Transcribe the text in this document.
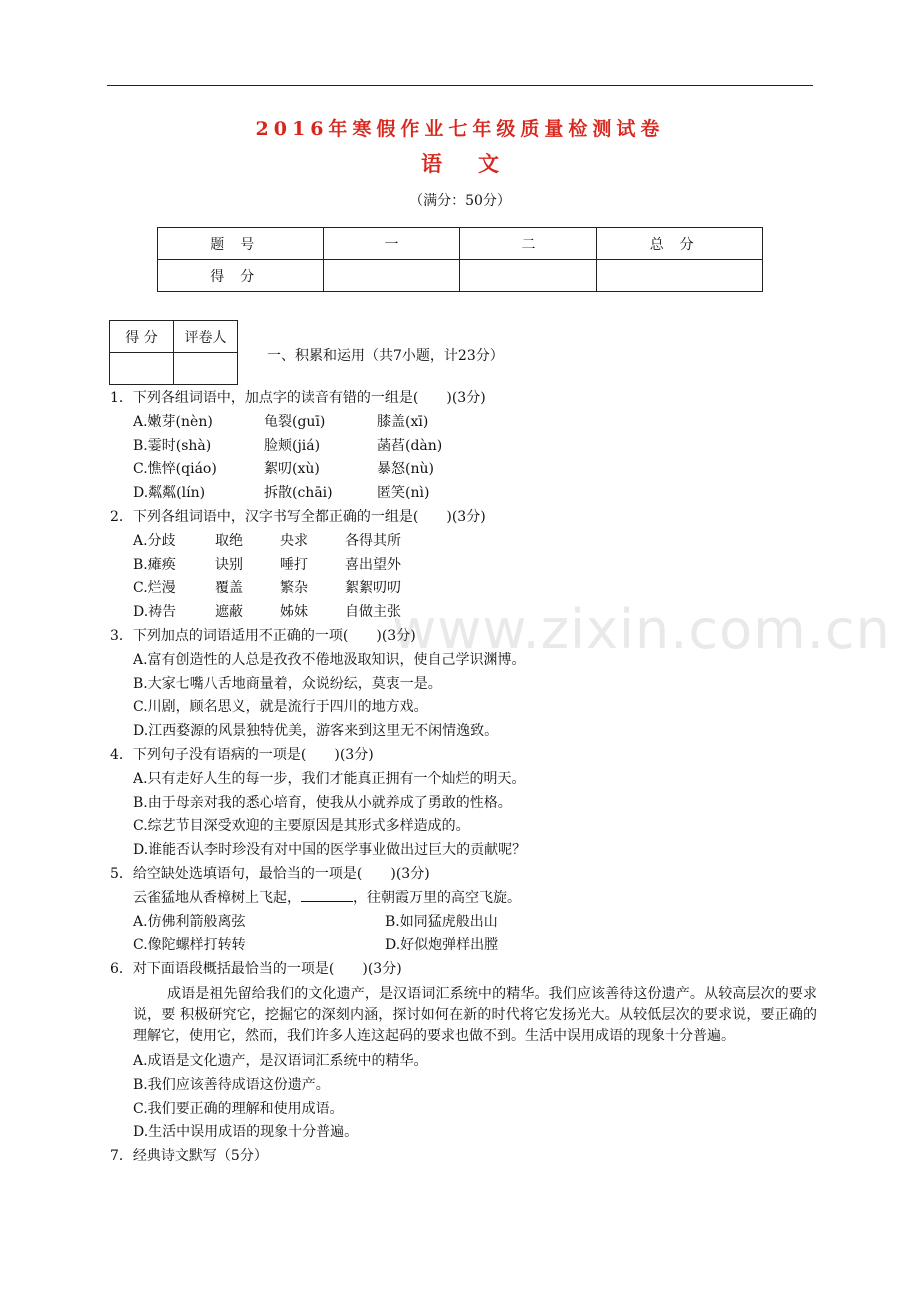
2016年寒假作业七年级质量检测试卷
语文
（满分：50分）
题号	一	二	总分
得分			
得 分	评卷人

一、积累和运用（共7小题，计23分）
1．下列各组词语中，加点字的读音有错的一组是(　　)(3分)
A.嫩芽(nèn)	龟裂(guī)	膝盖(xī)
B.霎时(shà)	脸颊(jiá)	菡萏(dàn)
C.憔悴(qiáo)	絮叨(xù)	暴怒(nù)
D.粼粼(lín)	拆散(chāi)	匿笑(nì)
2．下列各组词语中，汉字书写全都正确的一组是(　　)(3分)
A.分歧	取绝	央求	各得其所
B.瘫痪	诀别	唾打	喜出望外
C.烂漫	覆盖	繁杂	絮絮叨叨
D.祷告	遮蔽	姊妹	自做主张
3．下列加点的词语适用不正确的一项(　　)(3分)
A.富有创造性的人总是孜孜不倦地汲取知识，使自己学识渊博。
B.大家七嘴八舌地商量着，众说纷纭，莫衷一是。
C.川剧，顾名思义，就是流行于四川的地方戏。
D.江西婺源的风景独特优美，游客来到这里无不闲情逸致。
4．下列句子没有语病的一项是(　　)(3分)
A.只有走好人生的每一步，我们才能真正拥有一个灿烂的明天。
B.由于母亲对我的悉心培育，使我从小就养成了勇敢的性格。
C.综艺节目深受欢迎的主要原因是其形式多样造成的。
D.谁能否认李时珍没有对中国的医学事业做出过巨大的贡献呢？
5．给空缺处选填语句，最恰当的一项是(　　)(3分)
云雀猛地从香樟树上飞起，	，往朝霞万里的高空飞旋。
A.仿佛利箭般离弦	B.如同猛虎般出山
C.像陀螺样打转转	D.好似炮弹样出膛
6．对下面语段概括最恰当的一项是(　　)(3分)
成语是祖先留给我们的文化遗产，是汉语词汇系统中的精华。我们应该善待这份遗产。从较高层次的要求说，要 积极研究它，挖掘它的深刻内涵，探讨如何在新的时代将它发扬光大。从较低层次的要求说，要正确的理解它，使用它，然而，我们许多人连这起码的要求也做不到。生活中误用成语的现象十分普遍。
A.成语是文化遗产，是汉语词汇系统中的精华。
B.我们应该善待成语这份遗产。
C.我们要正确的理解和使用成语。
D.生活中误用成语的现象十分普遍。
7．经典诗文默写（5分）
www.zixin.com.cn
